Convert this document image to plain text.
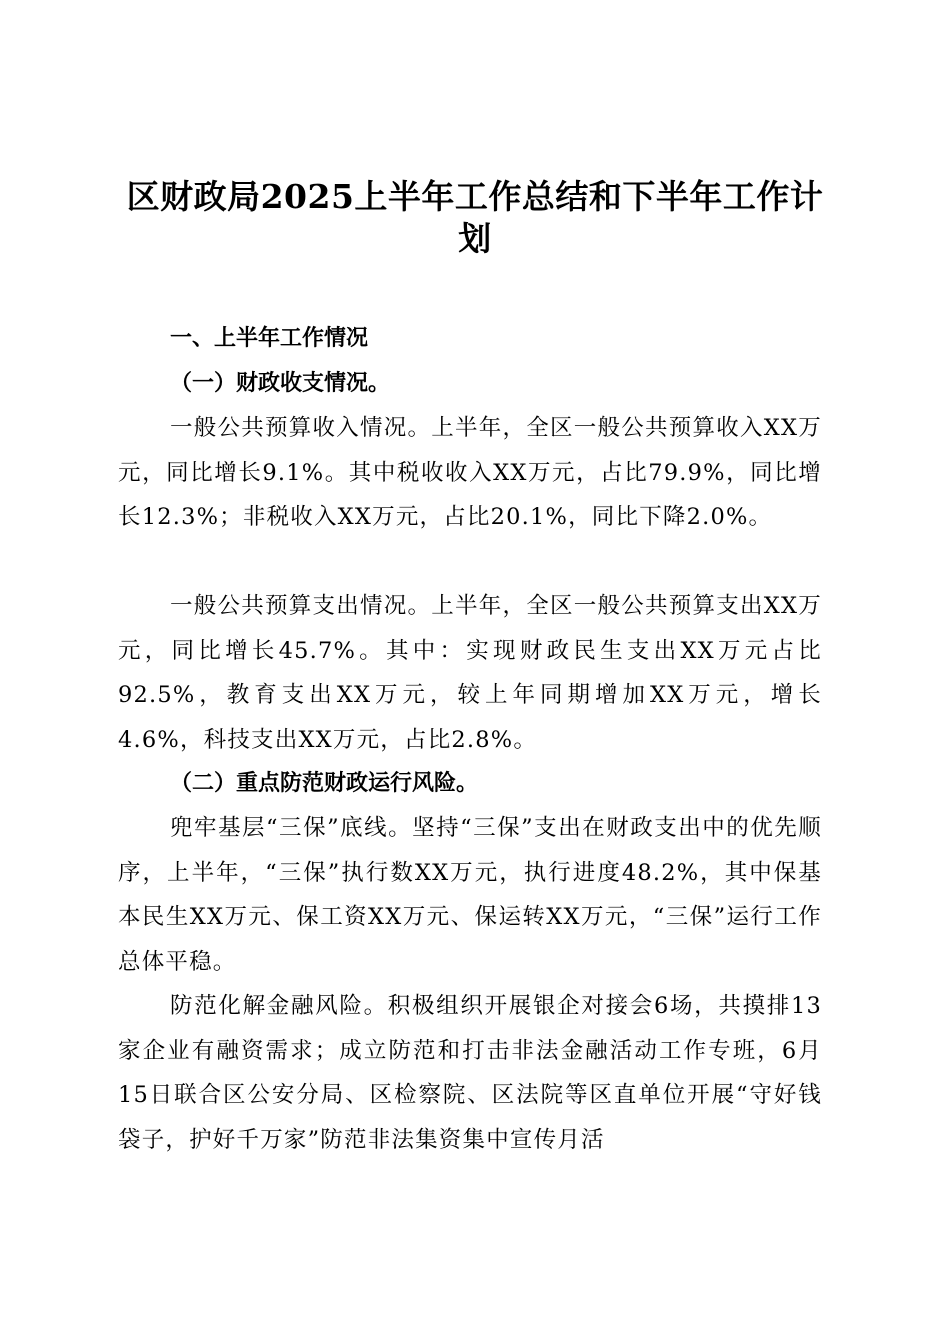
区财政局2025上半年工作总结和下半年工作计划
一、上半年工作情况
（一）财政收支情况。

一般公共预算收入情况。上半年，全区一般公共预算收入XX万元，同比增长9.1%。其中税收收入XX万元，占比79.9%，同比增长12.3%；非税收入XX万元，占比20.1%，同比下降2.0%。

一般公共预算支出情况。上半年，全区一般公共预算支出XX万元，同比增长45.7%。其中：实现财政民生支出XX万元占比92.5%，教育支出XX万元，较上年同期增加XX万元，增长4.6%，科技支出XX万元，占比2.8%。

（二）重点防范财政运行风险。

兜牢基层“三保”底线。坚持“三保”支出在财政支出中的优先顺序，上半年，“三保”执行数XX万元，执行进度48.2%，其中保基本民生XX万元、保工资XX万元、保运转XX万元，“三保”运行工作总体平稳。

防范化解金融风险。积极组织开展银企对接会6场，共摸排13家企业有融资需求；成立防范和打击非法金融活动工作专班，6月15日联合区公安分局、区检察院、区法院等区直单位开展“守好钱袋子，护好千万家”防范非法集资集中宣传月活
